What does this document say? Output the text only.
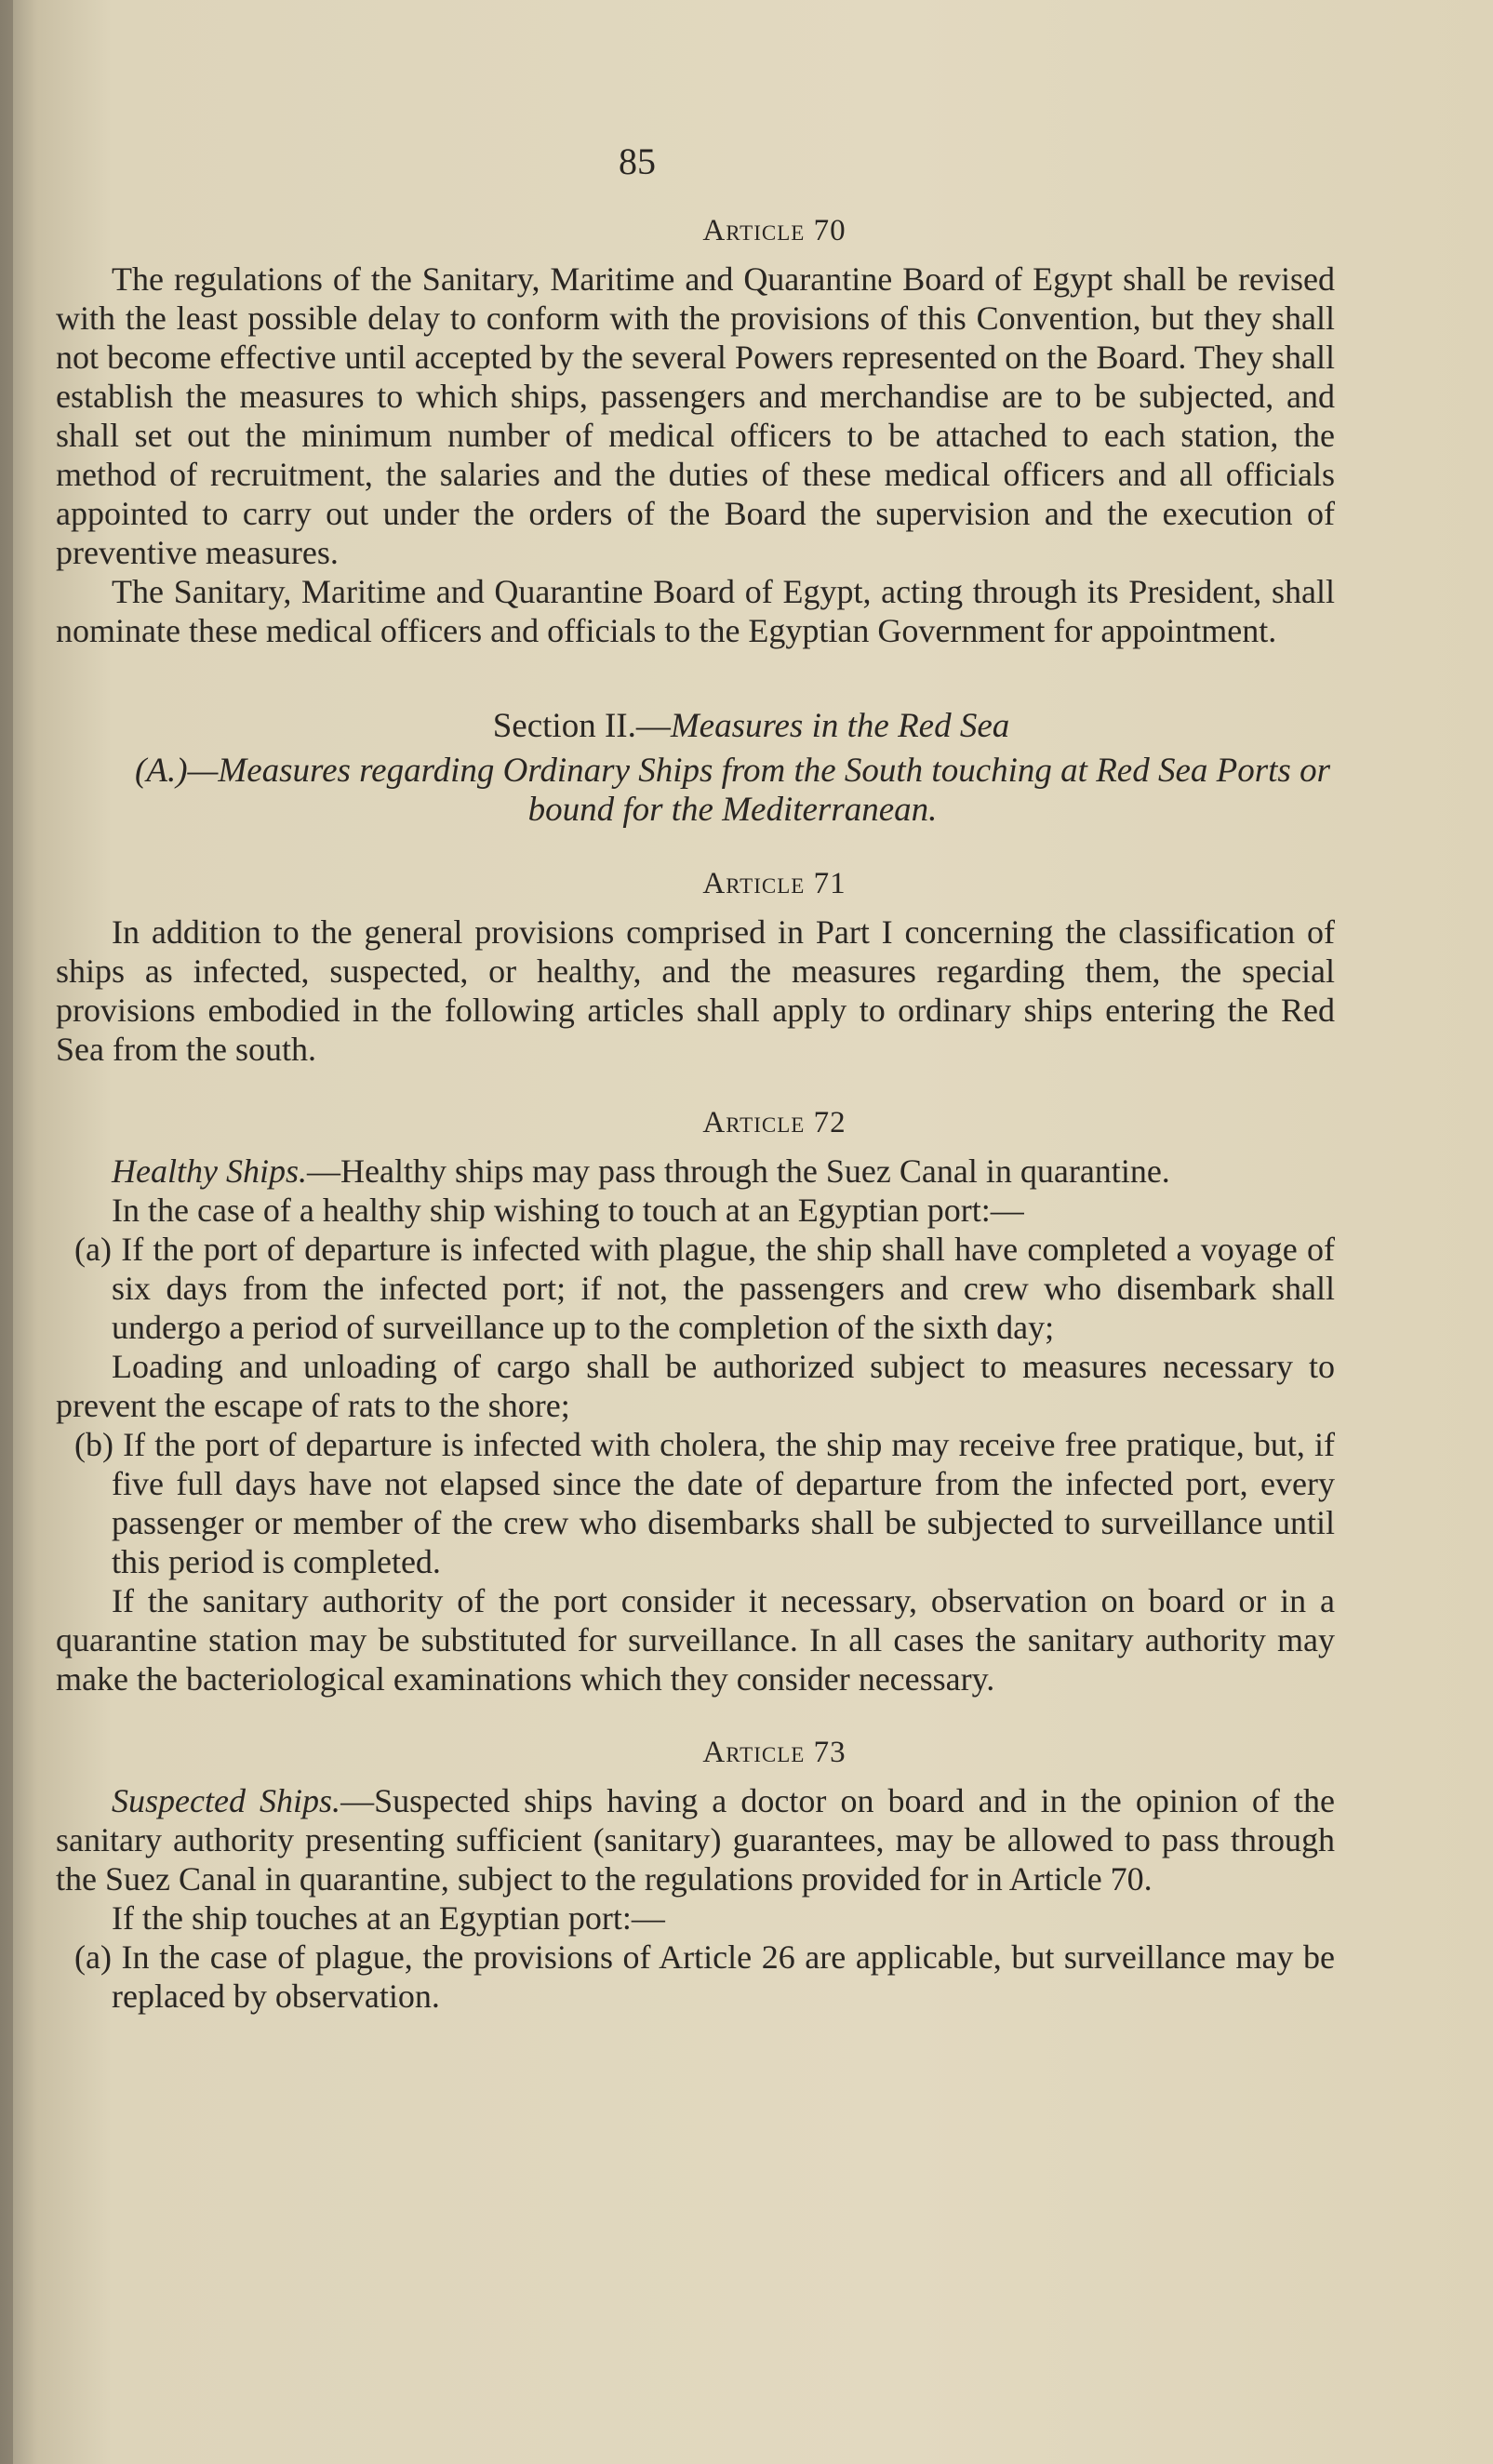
85
Article 70

The regulations of the Sanitary, Maritime and Quarantine Board of Egypt shall be revised with the least possible delay to conform with the provisions of this Convention, but they shall not become effective until accepted by the several Powers represented on the Board. They shall establish the measures to which ships, passengers and merchandise are to be subjected, and shall set out the minimum number of medical officers to be attached to each station, the method of recruitment, the salaries and the duties of these medical officers and all officials appointed to carry out under the orders of the Board the supervision and the execution of preventive measures.

The Sanitary, Maritime and Quarantine Board of Egypt, acting through its President, shall nominate these medical officers and officials to the Egyptian Government for appointment.

Section II.—Measures in the Red Sea
(A.)—Measures regarding Ordinary Ships from the South touching at Red Sea Ports or bound for the Mediterranean.
Article 71

In addition to the general provisions comprised in Part I concerning the classification of ships as infected, suspected, or healthy, and the measures regarding them, the special provisions embodied in the following articles shall apply to ordinary ships entering the Red Sea from the south.

Article 72

Healthy Ships.—Healthy ships may pass through the Suez Canal in quarantine.

In the case of a healthy ship wishing to touch at an Egyptian port:—

(a) If the port of departure is infected with plague, the ship shall have completed a voyage of six days from the infected port; if not, the passengers and crew who disembark shall undergo a period of surveillance up to the completion of the sixth day;

Loading and unloading of cargo shall be authorized subject to measures necessary to prevent the escape of rats to the shore;

(b) If the port of departure is infected with cholera, the ship may receive free pratique, but, if five full days have not elapsed since the date of departure from the infected port, every passenger or member of the crew who disembarks shall be subjected to surveillance until this period is completed.

If the sanitary authority of the port consider it necessary, observation on board or in a quarantine station may be substituted for surveillance. In all cases the sanitary authority may make the bacteriological examinations which they consider necessary.

Article 73

Suspected Ships.—Suspected ships having a doctor on board and in the opinion of the sanitary authority presenting sufficient (sanitary) guarantees, may be allowed to pass through the Suez Canal in quarantine, subject to the regulations provided for in Article 70.

If the ship touches at an Egyptian port:—

(a) In the case of plague, the provisions of Article 26 are applicable, but surveillance may be replaced by observation.
